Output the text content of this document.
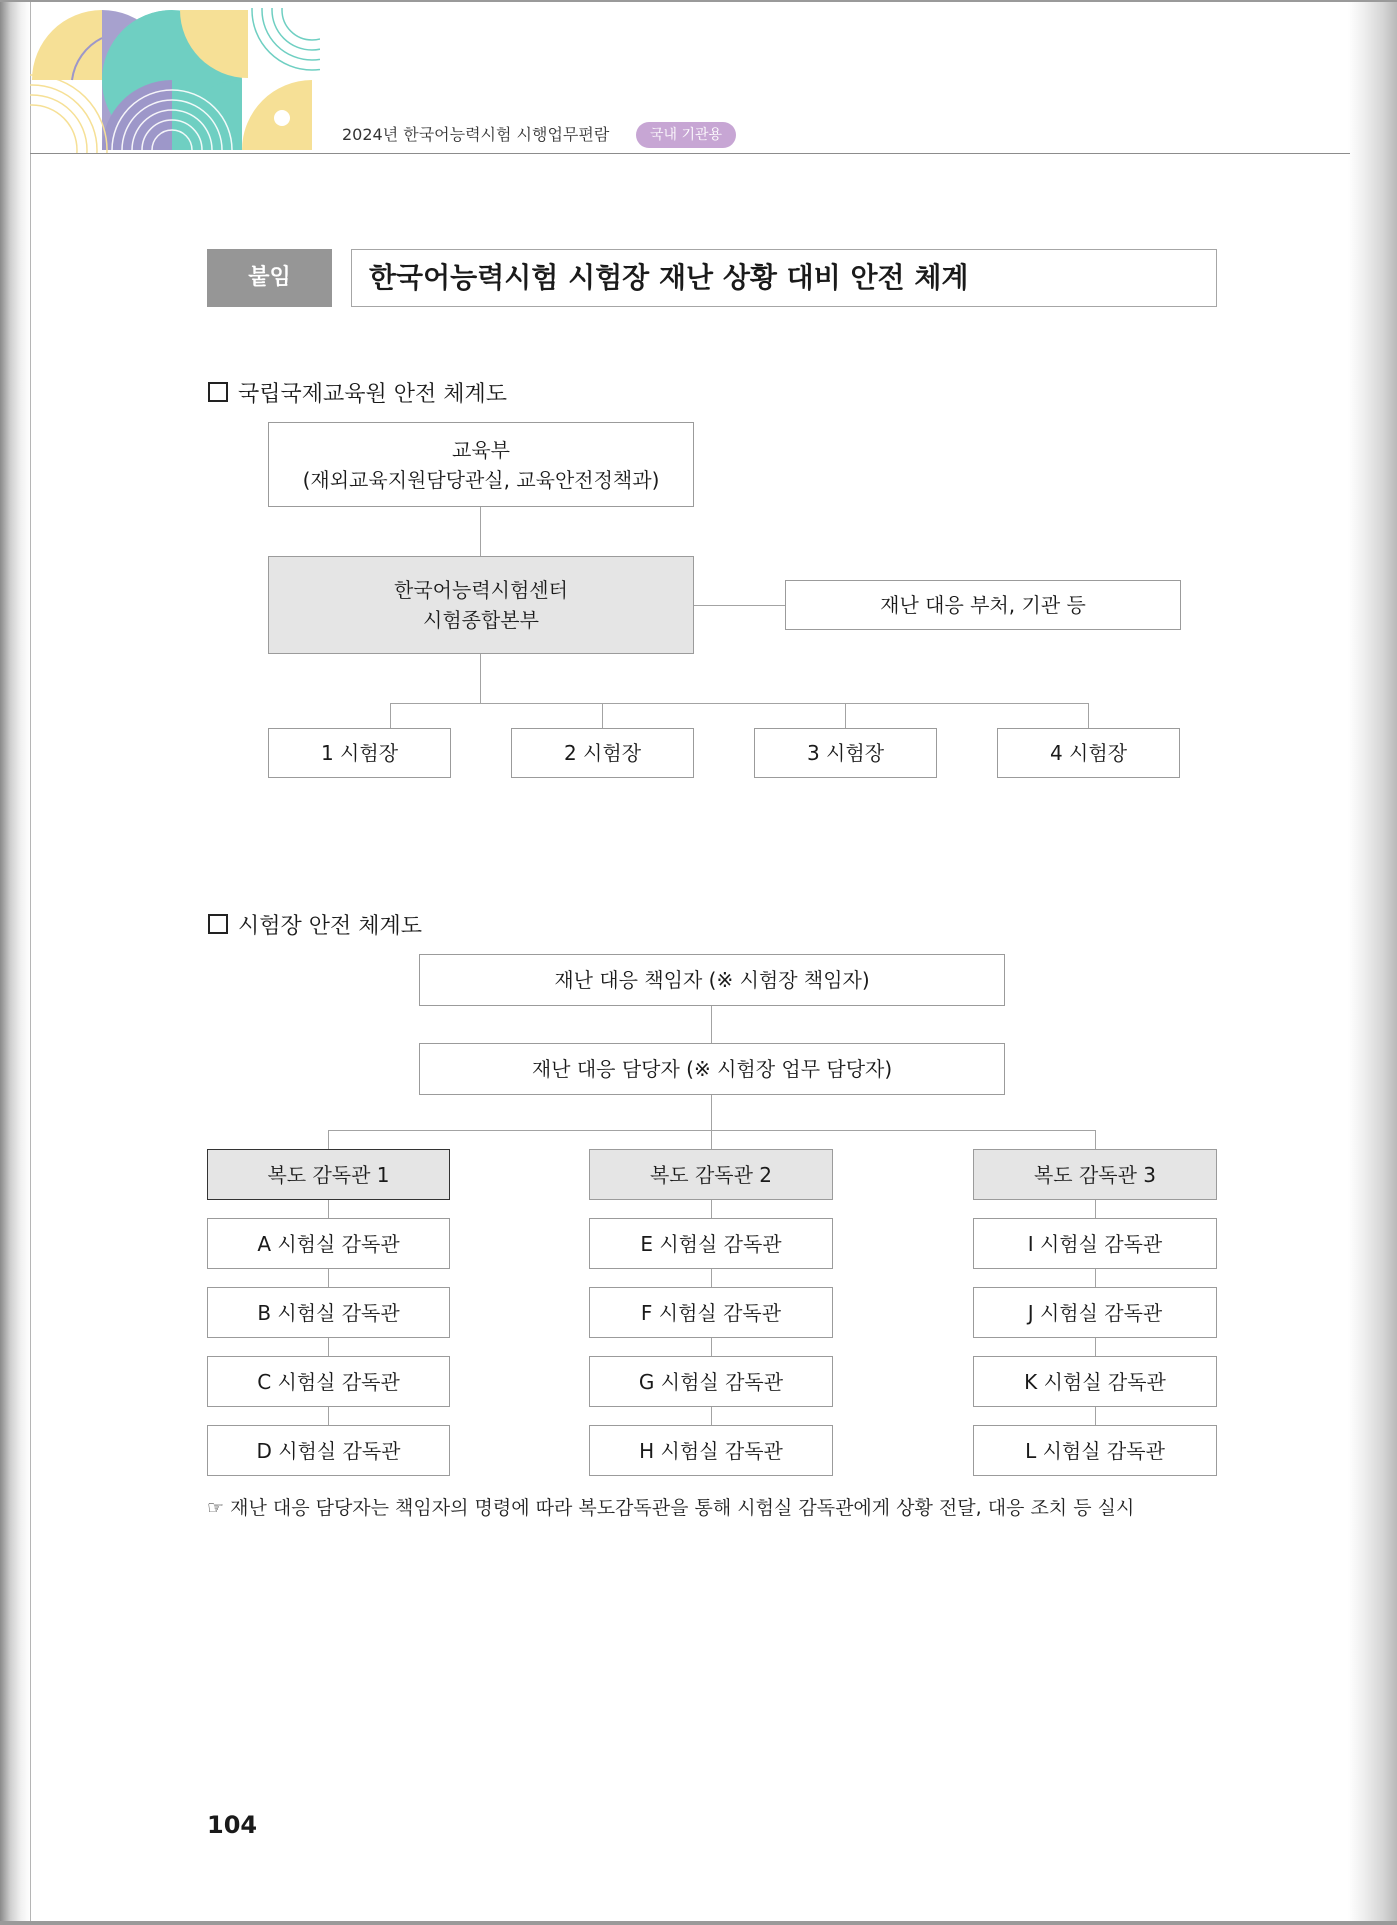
2024년 한국어능력시험 시행업무편람	국내 기관용
붙임	한국어능력시험 시험장 재난 상황 대비 안전 체계
국립국제교육원 안전 체계도
교육부
(재외교육지원담당관실, 교육안전정책과)
한국어능력시험센터
시험종합본부
재난 대응 부처, 기관 등
1 시험장	2 시험장	3 시험장	4 시험장
시험장 안전 체계도
재난 대응 책임자 (※ 시험장 책임자)
재난 대응 담당자 (※ 시험장 업무 담당자)
복도 감독관 1
A 시험실 감독관
B 시험실 감독관
C 시험실 감독관
D 시험실 감독관
복도 감독관 2
E 시험실 감독관
F 시험실 감독관
G 시험실 감독관
H 시험실 감독관
복도 감독관 3
I 시험실 감독관
J 시험실 감독관
K 시험실 감독관
L 시험실 감독관
☞ 재난 대응 담당자는 책임자의 명령에 따라 복도감독관을 통해 시험실 감독관에게 상황 전달, 대응 조치 등 실시
104
